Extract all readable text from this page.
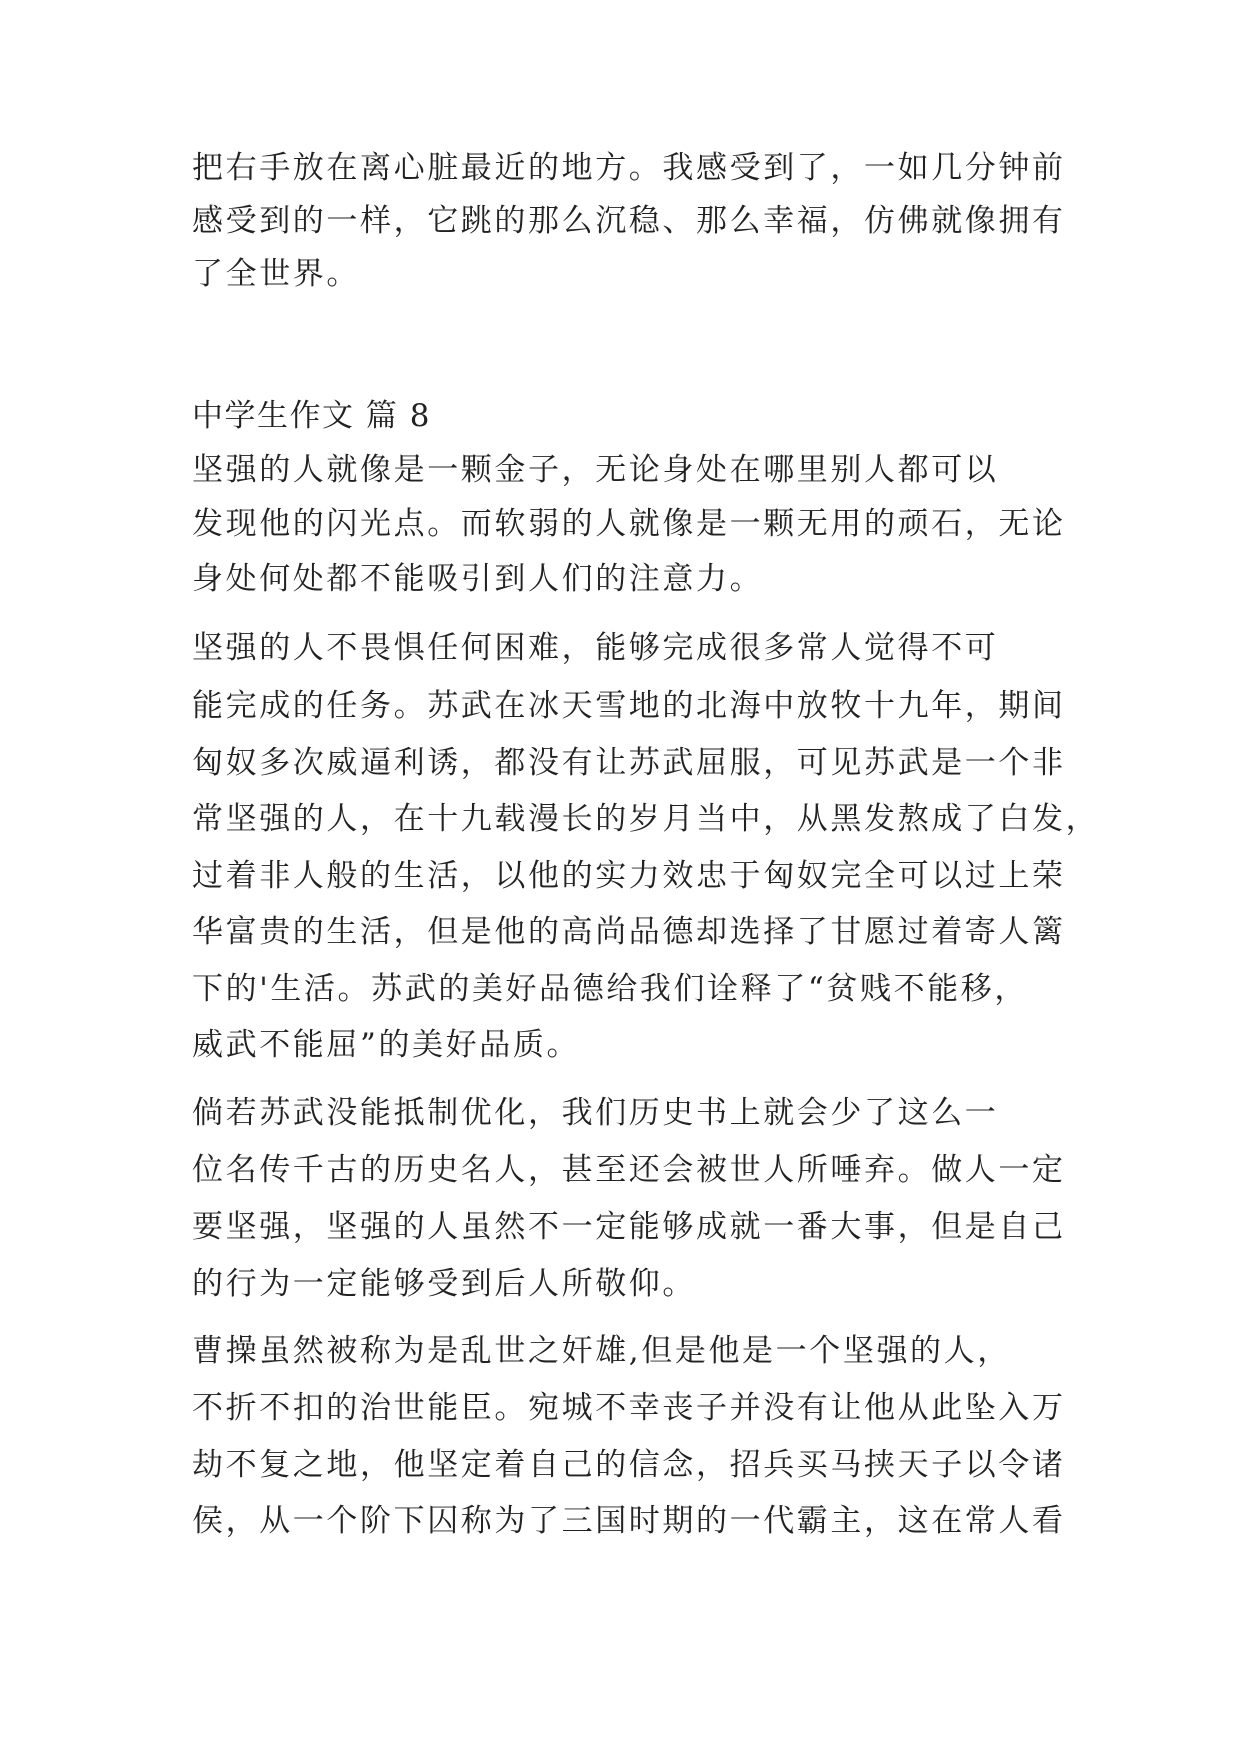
把右手放在离心脏最近的地方。我感受到了，一如几分钟前
感受到的一样，它跳的那么沉稳、那么幸福，仿佛就像拥有
了全世界。
中学生作文 篇 8
坚强的人就像是一颗金子，无论身处在哪里别人都可以
发现他的闪光点。而软弱的人就像是一颗无用的顽石，无论
身处何处都不能吸引到人们的注意力。
坚强的人不畏惧任何困难，能够完成很多常人觉得不可
能完成的任务。苏武在冰天雪地的北海中放牧十九年，期间
匈奴多次威逼利诱，都没有让苏武屈服，可见苏武是一个非
常坚强的人，在十九载漫长的岁月当中，从黑发熬成了白发，
过着非人般的生活，以他的实力效忠于匈奴完全可以过上荣
华富贵的生活，但是他的高尚品德却选择了甘愿过着寄人篱
下的'生活。苏武的美好品德给我们诠释了“贫贱不能移，
威武不能屈”的美好品质。
倘若苏武没能抵制优化，我们历史书上就会少了这么一
位名传千古的历史名人，甚至还会被世人所唾弃。做人一定
要坚强，坚强的人虽然不一定能够成就一番大事，但是自己
的行为一定能够受到后人所敬仰。
曹操虽然被称为是乱世之奸雄,但是他是一个坚强的人，
不折不扣的治世能臣。宛城不幸丧子并没有让他从此坠入万
劫不复之地，他坚定着自己的信念，招兵买马挟天子以令诸
侯，从一个阶下囚称为了三国时期的一代霸主，这在常人看
